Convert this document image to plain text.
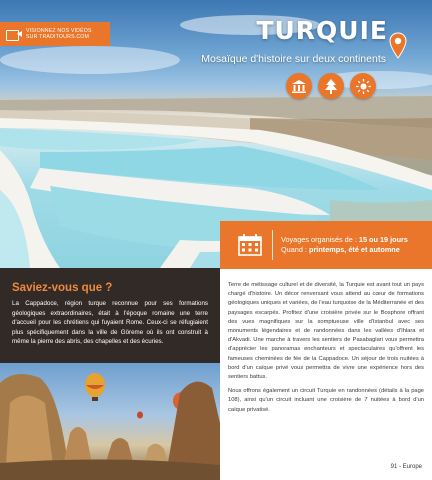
VISIONNEZ NOS VIDÉOS
SUR TRADITOURS.COM	TURQUIE
Mosaïque d'histoire sur deux continents
Voyages organisés de : 15 ou 19 jours
Quand : printemps, été et automne
Saviez-vous que ?
La Cappadoce, région turque reconnue pour ses formations géologiques extraordinaires, était à l'époque romaine une terre d'accueil pour les chrétiens qui fuyaient Rome. Ceux-ci se réfugiaient plus spécifiquement dans la ville de Göreme où ils ont construit à même la pierre des abris, des chapelles et des écuries.

Terre de métissage culturel et de diversité, la Turquie est avant tout un pays chargé d'histoire. Un décor renversant vous attend au cœur de formations géologiques uniques et variées, de l'eau turquoise de la Méditerranée et des paysages escarpés. Profitez d'une croisière privée sur le Bosphore offrant des vues magnifiques sur la somptueuse ville d'Istanbul avec ses monuments légendaires et de randonnées dans les vallées d'Ihlara et d'Akvadi. Une marche à travers les sentiers de Pasabaglari vous permettra d'apprécier les panoramas enchanteurs et spectaculaires qu'offrent les fameuses cheminées de fée de la Cappadoce. Un séjour de trois nuitées à bord d'un caïque privé vous permettra de vivre une expérience hors des sentiers battus.

Nous offrons également un circuit Turquie en randonnées (détails à la page 108), ainsi qu'un circuit incluant une croisière de 7 nuitées à bord d'un caïque privatisé.

91 - Europe
